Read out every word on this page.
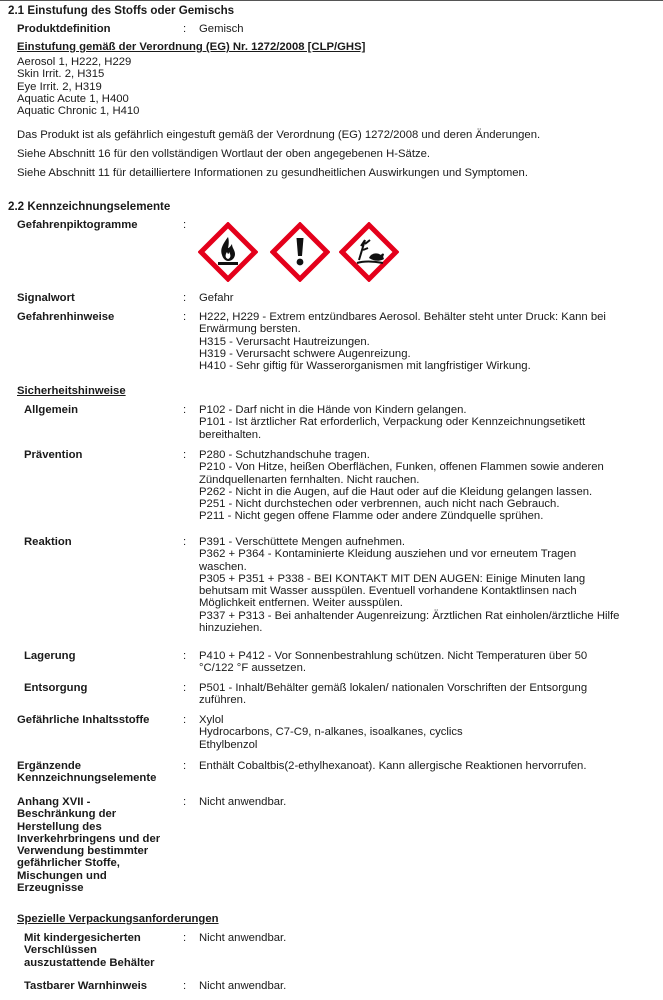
2.1 Einstufung des Stoffs oder Gemischs
Produktdefinition	: Gemisch
Einstufung gemäß der Verordnung (EG) Nr. 1272/2008 [CLP/GHS]
Aerosol 1, H222, H229
Skin Irrit. 2, H315
Eye Irrit. 2, H319
Aquatic Acute 1, H400
Aquatic Chronic 1, H410
Das Produkt ist als gefährlich eingestuft gemäß der Verordnung (EG) 1272/2008 und deren Änderungen.
Siehe Abschnitt 16 für den vollständigen Wortlaut der oben angegebenen H-Sätze.
Siehe Abschnitt 11 für detailliertere Informationen zu gesundheitlichen Auswirkungen und Symptomen.
2.2 Kennzeichnungselemente
Gefahrenpiktogramme	:
Signalwort	: Gefahr
Gefahrenhinweise	: H222, H229 - Extrem entzündbares Aerosol. Behälter steht unter Druck: Kann bei
Erwärmung bersten.
H315 - Verursacht Hautreizungen.
H319 - Verursacht schwere Augenreizung.
H410 - Sehr giftig für Wasserorganismen mit langfristiger Wirkung.
Sicherheitshinweise
Allgemein	: P102 - Darf nicht in die Hände von Kindern gelangen.
P101 - Ist ärztlicher Rat erforderlich, Verpackung oder Kennzeichnungsetikett
bereithalten.
Prävention	: P280 - Schutzhandschuhe tragen.
P210 - Von Hitze, heißen Oberflächen, Funken, offenen Flammen sowie anderen
Zündquellenarten fernhalten. Nicht rauchen.
P262 - Nicht in die Augen, auf die Haut oder auf die Kleidung gelangen lassen.
P251 - Nicht durchstechen oder verbrennen, auch nicht nach Gebrauch.
P211 - Nicht gegen offene Flamme oder andere Zündquelle sprühen.
Reaktion	: P391 - Verschüttete Mengen aufnehmen.
P362 + P364 - Kontaminierte Kleidung ausziehen und vor erneutem Tragen
waschen.
P305 + P351 + P338 - BEI KONTAKT MIT DEN AUGEN: Einige Minuten lang
behutsam mit Wasser ausspülen. Eventuell vorhandene Kontaktlinsen nach
Möglichkeit entfernen. Weiter ausspülen.
P337 + P313 - Bei anhaltender Augenreizung: Ärztlichen Rat einholen/ärztliche Hilfe
hinzuziehen.
Lagerung	: P410 + P412 - Vor Sonnenbestrahlung schützen. Nicht Temperaturen über 50
°C/122 °F aussetzen.
Entsorgung	: P501 - Inhalt/Behälter gemäß lokalen/ nationalen Vorschriften der Entsorgung
zuführen.
Gefährliche Inhaltsstoffe	: Xylol
Hydrocarbons, C7-C9, n-alkanes, isoalkanes, cyclics
Ethylbenzol
Ergänzende
Kennzeichnungselemente
: Enthält Cobaltbis(2-ethylhexanoat). Kann allergische Reaktionen hervorrufen.
Anhang XVII -
Beschränkung der
Herstellung des
Inverkehrbringens und der
Verwendung bestimmter
gefährlicher Stoffe,
Mischungen und
Erzeugnisse
: Nicht anwendbar.
Spezielle Verpackungsanforderungen
Mit kindergesicherten
Verschlüssen
auszustattende Behälter
: Nicht anwendbar.
Tastbarer Warnhinweis	: Nicht anwendbar.
